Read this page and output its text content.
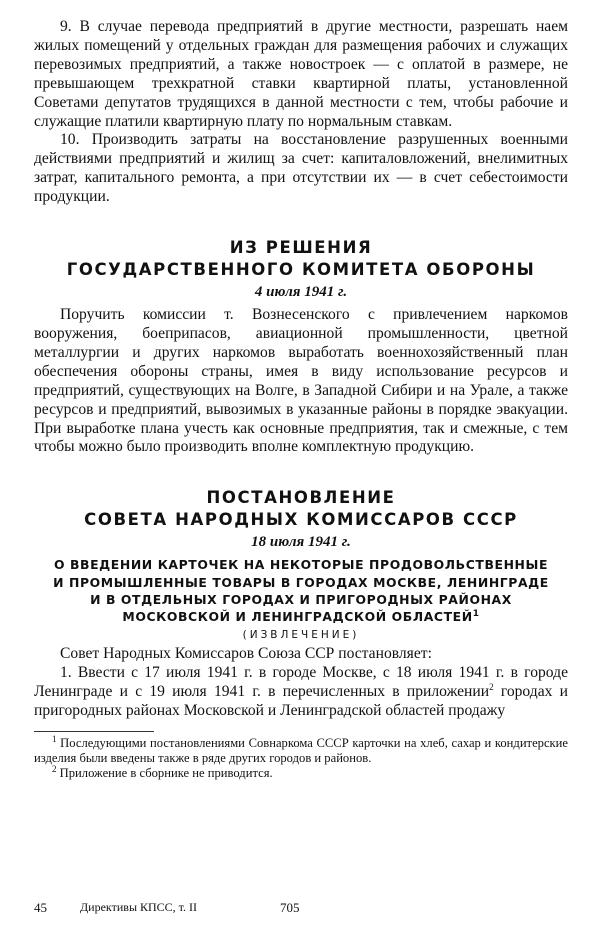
9. В случае перевода предприятий в другие местности, разрешать наем жилых помещений у отдельных граждан для размещения рабочих и служащих перевозимых предприятий, а также новостроек — с оплатой в размере, не превышающем трехкратной ставки квартирной платы, установленной Советами депутатов трудящихся в данной местности с тем, чтобы рабочие и служащие платили квартирную плату по нормальным ставкам.

10. Производить затраты на восстановление разрушенных военными действиями предприятий и жилищ за счет: капиталовложений, внелимитных затрат, капитального ремонта, а при отсутствии их — в счет себестоимости продукции.

ИЗ РЕШЕНИЯ

ГОСУДАРСТВЕННОГО КОМИТЕТА ОБОРОНЫ

4 июля 1941 г.

Поручить комиссии т. Вознесенского с привлечением наркомов вооружения, боеприпасов, авиационной промышленности, цветной металлургии и других наркомов выработать военнохозяйственный план обеспечения обороны страны, имея в виду использование ресурсов и предприятий, существующих на Волге, в Западной Сибири и на Урале, а также ресурсов и предприятий, вывозимых в указанные районы в порядке эвакуации. При выработке плана учесть как основные предприятия, так и смежные, с тем чтобы можно было производить вполне комплектную продукцию.

ПОСТАНОВЛЕНИЕ

СОВЕТА НАРОДНЫХ КОМИССАРОВ СССР

18 июля 1941 г.

О ВВЕДЕНИИ КАРТОЧЕК НА НЕКОТОРЫЕ ПРОДОВОЛЬСТВЕННЫЕ

И ПРОМЫШЛЕННЫЕ ТОВАРЫ В ГОРОДАХ МОСКВЕ, ЛЕНИНГРАДЕ

И В ОТДЕЛЬНЫХ ГОРОДАХ И ПРИГОРОДНЫХ РАЙОНАХ

МОСКОВСКОЙ И ЛЕНИНГРАДСКОЙ ОБЛАСТЕЙ$^1$

(ИЗВЛЕЧЕНИЕ)

Совет Народных Комиссаров Союза ССР постановляет:

1. Ввести с 17 июля 1941 г. в городе Москве, с 18 июля 1941 г. в городе Ленинграде и с 19 июля 1941 г. в перечисленных в приложении$^2$ городах и пригородных районах Московской и Ленинградской областей продажу

$^1$ Последующими постановлениями Совнаркома СССР карточки на хлеб, сахар и кондитерские изделия были введены также в ряде других городов и районов.

$^2$ Приложение в сборнике не приводится.

45	Директивы КПСС, т. II	705
